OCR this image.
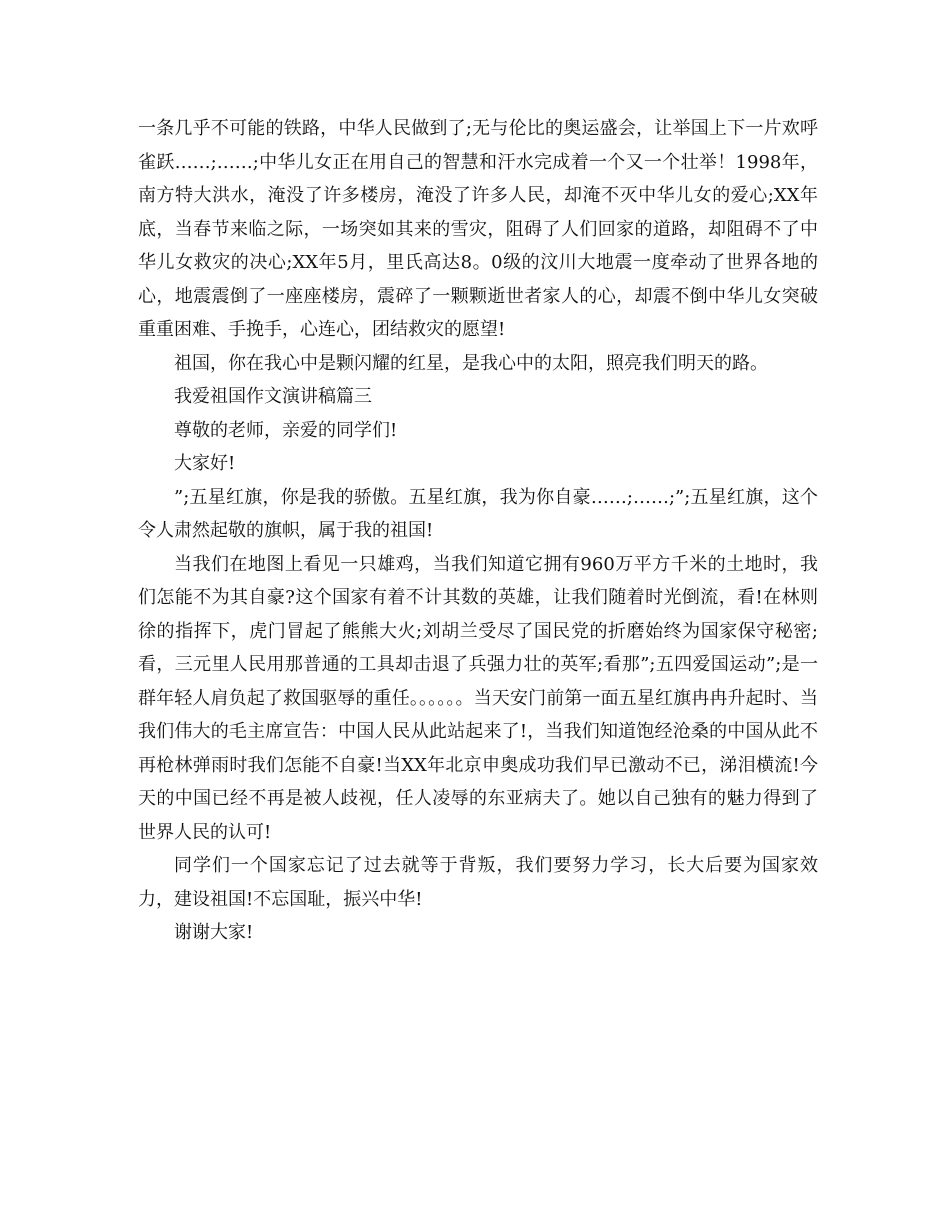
一条几乎不可能的铁路，中华人民做到了;无与伦比的奥运盛会，让举国上下一片欢呼雀跃……;……;中华儿女正在用自己的智慧和汗水完成着一个又一个壮举！1998年，南方特大洪水，淹没了许多楼房，淹没了许多人民，却淹不灭中华儿女的爱心;XX年底，当春节来临之际，一场突如其来的雪灾，阻碍了人们回家的道路，却阻碍不了中华儿女救灾的决心;XX年5月，里氏高达8。0级的汶川大地震一度牵动了世界各地的心，地震震倒了一座座楼房，震碎了一颗颗逝世者家人的心，却震不倒中华儿女突破重重困难、手挽手，心连心，团结救灾的愿望!

祖国，你在我心中是颗闪耀的红星，是我心中的太阳，照亮我们明天的路。

我爱祖国作文演讲稿篇三

尊敬的老师，亲爱的同学们!

大家好!

”;五星红旗，你是我的骄傲。五星红旗，我为你自豪……;……;”;五星红旗，这个令人肃然起敬的旗帜，属于我的祖国!

当我们在地图上看见一只雄鸡，当我们知道它拥有960万平方千米的土地时，我们怎能不为其自豪?这个国家有着不计其数的英雄，让我们随着时光倒流，看!在林则徐的指挥下，虎门冒起了熊熊大火;刘胡兰受尽了国民党的折磨始终为国家保守秘密;看，三元里人民用那普通的工具却击退了兵强力壮的英军;看那”;五四爱国运动”;是一群年轻人肩负起了救国驱辱的重任。。。。。。当天安门前第一面五星红旗冉冉升起时、当我们伟大的毛主席宣告：中国人民从此站起来了!，当我们知道饱经沧桑的中国从此不再枪林弹雨时我们怎能不自豪!当XX年北京申奥成功我们早已激动不已，涕泪横流!今天的中国已经不再是被人歧视，任人凌辱的东亚病夫了。她以自己独有的魅力得到了世界人民的认可!

同学们一个国家忘记了过去就等于背叛，我们要努力学习，长大后要为国家效力，建设祖国!不忘国耻，振兴中华!

谢谢大家!
